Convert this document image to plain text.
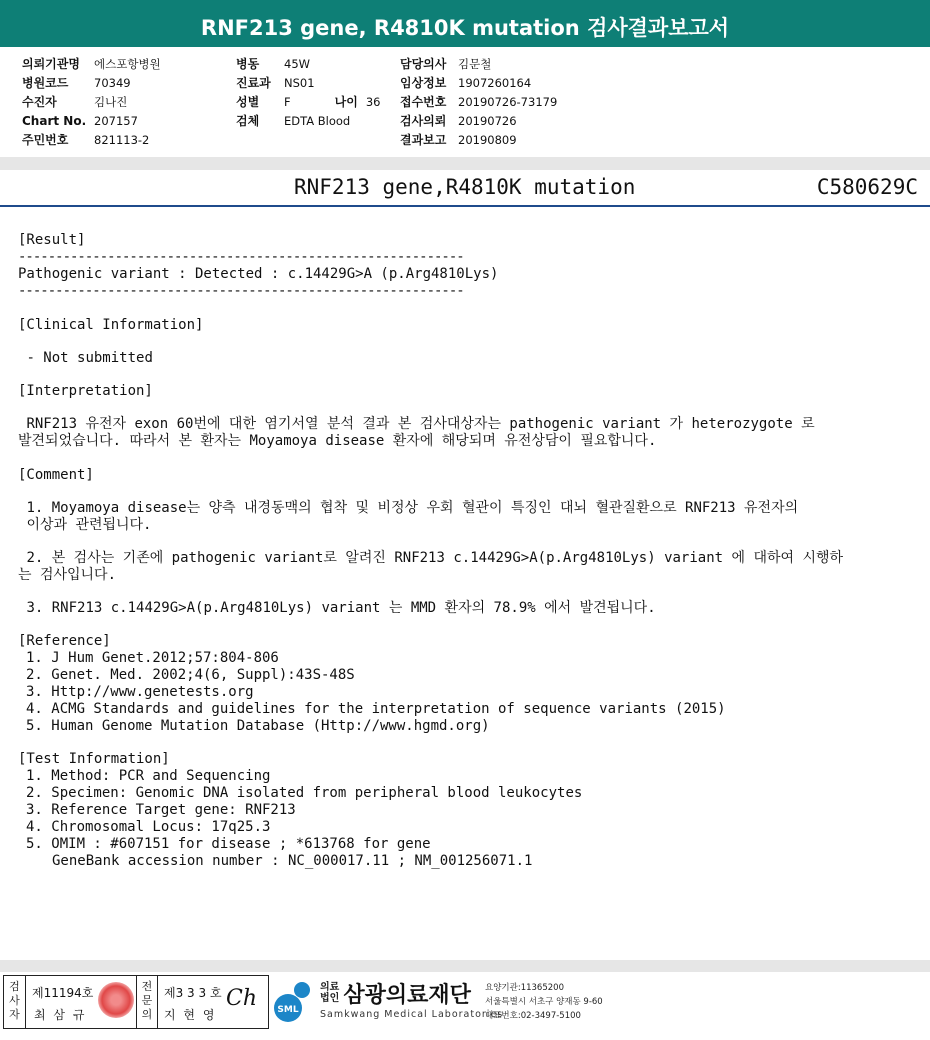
RNF213 gene, R4810K mutation 검사결과보고서
의뢰기관명 에스포항병원
병원코드 70349
수진자	김나진
Chart No. 207157
주민번호 821113-2
병동 45W
진료과 NS01
성별 F	나이 36
검체 EDTA Blood
담당의사 김문철
임상정보 1907260164
접수번호 20190726-73179
검사의뢰 20190726
결과보고 20190809
RNF213 gene,R4810K mutation	C580629C

[Result]

------------------------------------------------------------

Pathogenic variant : Detected : c.14429G>A (p.Arg4810Lys)

------------------------------------------------------------

[Clinical Information]

- Not submitted

[Interpretation]

RNF213 유전자 exon 60번에 대한 염기서열 분석 결과 본 검사대상자는 pathogenic variant 가 heterozygote 로

발견되었습니다. 따라서 본 환자는 Moyamoya disease 환자에 해당되며 유전상담이 필요합니다.

[Comment]

1. Moyamoya disease는 양측 내경동맥의 협착 및 비정상 우회 혈관이 특징인 대뇌 혈관질환으로 RNF213 유전자의

이상과 관련됩니다.

2. 본 검사는 기존에 pathogenic variant로 알려진 RNF213 c.14429G>A(p.Arg4810Lys) variant 에 대하여 시행하

는 검사입니다.

3. RNF213 c.14429G>A(p.Arg4810Lys) variant 는 MMD 환자의 78.9% 에서 발견됩니다.

[Reference]

1. J Hum Genet.2012;57:804-806

2. Genet. Med. 2002;4(6, Suppl):43S-48S

3. Http://www.genetests.org

4. ACMG Standards and guidelines for the interpretation of sequence variants (2015)

5. Human Genome Mutation Database (Http://www.hgmd.org)

[Test Information]

1. Method: PCR and Sequencing

2. Specimen: Genomic DNA isolated from peripheral blood leukocytes

3. Reference Target gene: RNF213

4. Chromosomal Locus: 17q25.3

5. OMIM : #607151 for disease ; *613768 for gene

GeneBank accession number : NC_000017.11 ; NM_001256071.1

검사자
제11194호
최 삼 규
전문의
제3 3 3 호
지 현 영
Ch SML
의료
법인 삼광의료재단
Samkwang Medical Laboratories
요양기관:11365200
서울특별시 서초구 양재동 9-60
대표번호:02-3497-5100
